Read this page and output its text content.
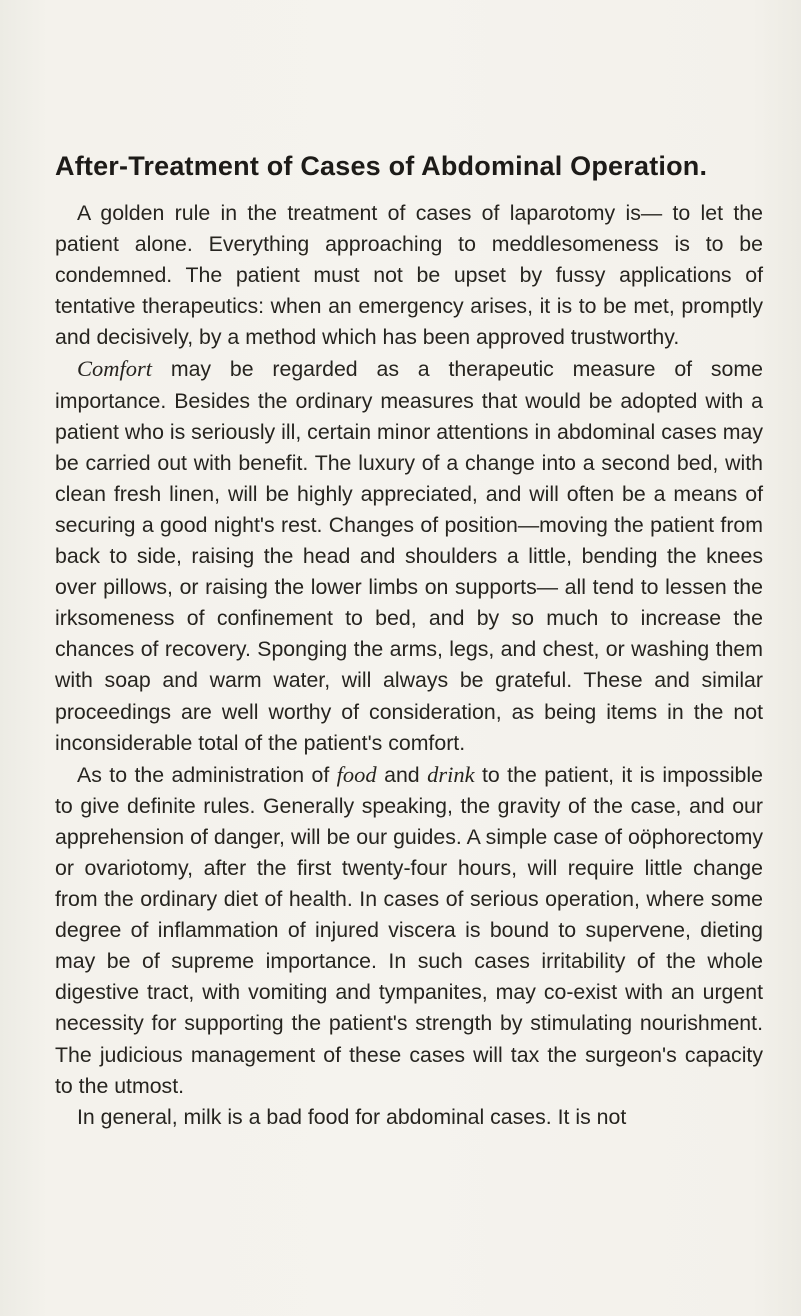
After-Treatment of Cases of Abdominal Operation.

A golden rule in the treatment of cases of laparotomy is— to let the patient alone. Everything approaching to meddlesomeness is to be condemned. The patient must not be upset by fussy applications of tentative therapeutics: when an emergency arises, it is to be met, promptly and decisively, by a method which has been approved trustworthy.

Comfort may be regarded as a therapeutic measure of some importance. Besides the ordinary measures that would be adopted with a patient who is seriously ill, certain minor attentions in abdominal cases may be carried out with benefit. The luxury of a change into a second bed, with clean fresh linen, will be highly appreciated, and will often be a means of securing a good night's rest. Changes of position—moving the patient from back to side, raising the head and shoulders a little, bending the knees over pillows, or raising the lower limbs on supports— all tend to lessen the irksomeness of confinement to bed, and by so much to increase the chances of recovery. Sponging the arms, legs, and chest, or washing them with soap and warm water, will always be grateful. These and similar proceedings are well worthy of consideration, as being items in the not inconsiderable total of the patient's comfort.

As to the administration of food and drink to the patient, it is impossible to give definite rules. Generally speaking, the gravity of the case, and our apprehension of danger, will be our guides. A simple case of oöphorectomy or ovariotomy, after the first twenty-four hours, will require little change from the ordinary diet of health. In cases of serious operation, where some degree of inflammation of injured viscera is bound to supervene, dieting may be of supreme importance. In such cases irritability of the whole digestive tract, with vomiting and tympanites, may co-exist with an urgent necessity for supporting the patient's strength by stimulating nourishment. The judicious management of these cases will tax the surgeon's capacity to the utmost.

In general, milk is a bad food for abdominal cases. It is not
